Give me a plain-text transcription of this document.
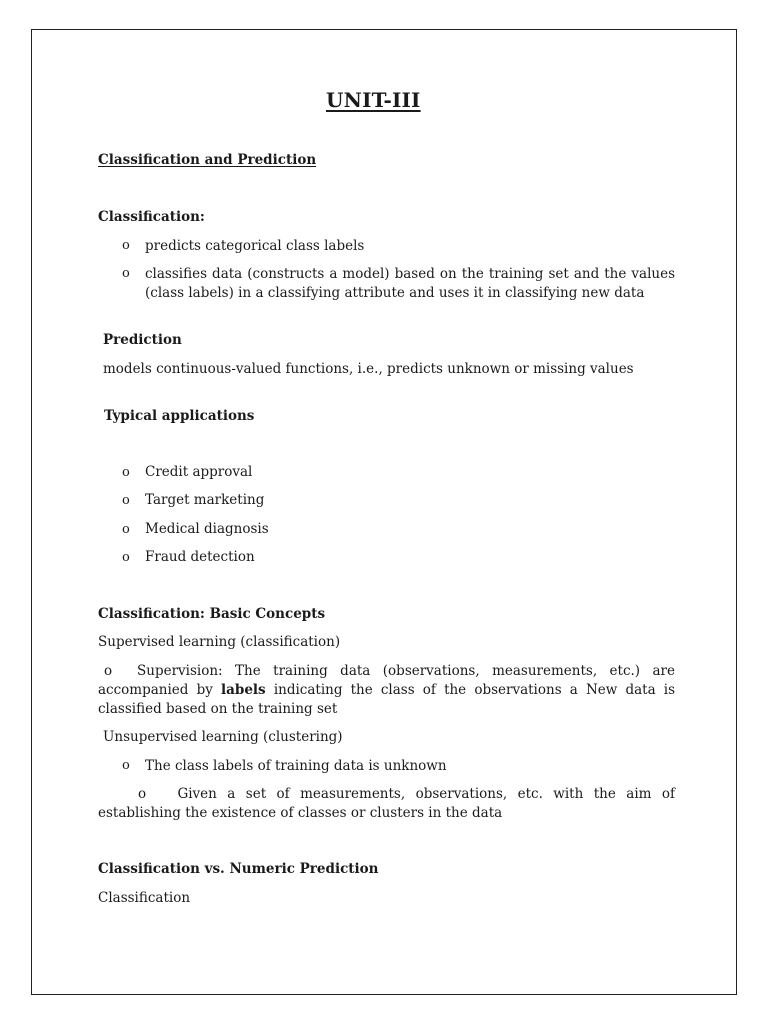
UNIT-III
Classification and Prediction
Classification:
o predicts categorical class labels
o classifies data (constructs a model) based on the training set and the values (class labels) in a classifying attribute and uses it in classifying new data
Prediction
models continuous-valued functions, i.e., predicts unknown or missing values
Typical applications
o Credit approval
o Target marketing
o Medical diagnosis
o Fraud detection
Classification: Basic Concepts
Supervised learning (classification)
o Supervision: The training data (observations, measurements, etc.) are accompanied by labels indicating the class of the observations a New data is classified based on the training set
Unsupervised learning (clustering)
o The class labels of training data is unknown
o Given a set of measurements, observations, etc. with the aim of establishing the existence of classes or clusters in the data
Classification vs. Numeric Prediction
Classification
